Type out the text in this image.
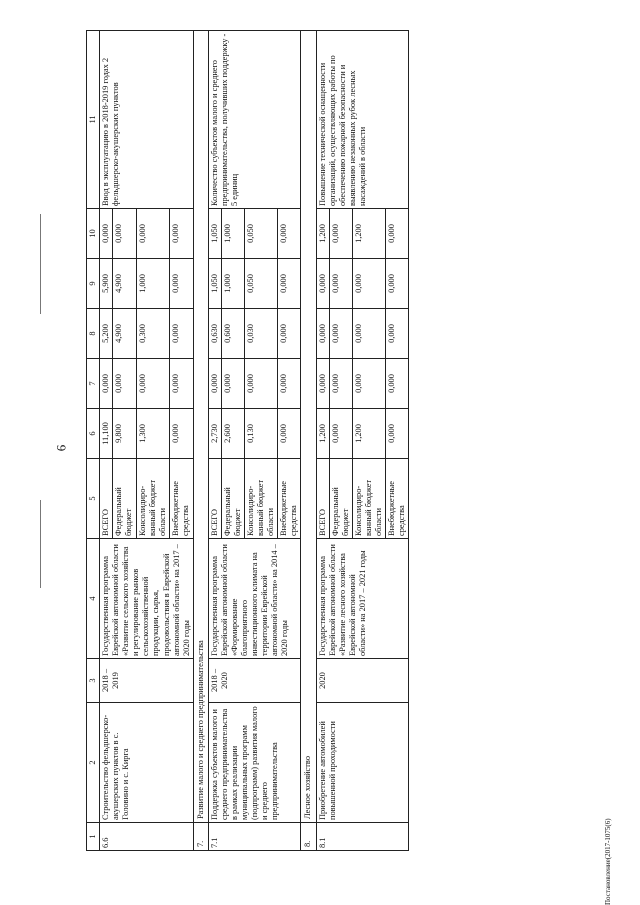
6
Постановление(2017-1075(6)
1	2	3	4	5	6	7	8	9	10	11
6.6	Строительство фельдшерско-акушерских пунктов в с. Головино и с. Кирга	2018 – 2019	Государственная программа Еврейской автономной области «Развитие сельского хозяйства и регулирование рынков сельскохозяйственной продукции, сырья, продовольствия в Еврейской автономной области» на 2017 – 2020 годы	ВСЕГО	11,100	0,000	5,200	5,900	0,000	Ввод в эксплуатацию в 2018-2019 годах 2 фельдшерско-акушерских пунктов
				Федеральный бюджет	9,800	0,000	4,900	4,900	0,000	
				Консолидиро-ванный бюджет области	1,300	0,000	0,300	1,000	0,000	
				Внебюджетные средства	0,000	0,000	0,000	0,000	0,000	
7.	Развитие малого и среднего предпринимательства									
7.1	Поддержка субъектов малого и среднего предпринимательства в рамках реализации муниципальных программ (подпрограмм) развития малого и среднего предпринимательства	2018 – 2020	Государственная программа Еврейской автономной области «Формирование благоприятного инвестиционного климата на территории Еврейской автономной области» на 2014 – 2020 годы	ВСЕГО	2,730	0,000	0,630	1,050	1,050	Количество субъектов малого и среднего предпринимательства, получивших поддержку - 5 единиц
				Федеральный бюджет	2,600	0,000	0,600	1,000	1,000	
				Консолидиро-ванный бюджет области	0,130	0,000	0,030	0,050	0,050	
				Внебюджетные средства	0,000	0,000	0,000	0,000	0,000	
8.	Лесное хозяйство									
8.1	Приобретение автомобилей повышенной проходимости	2020	Государственная программа Еврейской автономной области «Развитие лесного хозяйства Еврейской автономной области» на 2017 – 2021 годы	ВСЕГО	1,200	0,000	0,000	0,000	1,200	Повышение технической оснащенности организаций, осуществляющих работы по обеспечению пожарной безопасности и выявлению незаконных рубок лесных насаждений в области
				Федеральный бюджет	0,000	0,000	0,000	0,000	0,000	
				Консолидиро-ванный бюджет области	1,200	0,000	0,000	0,000	1,200	
				Внебюджетные средства	0,000	0,000	0,000	0,000	0,000	
